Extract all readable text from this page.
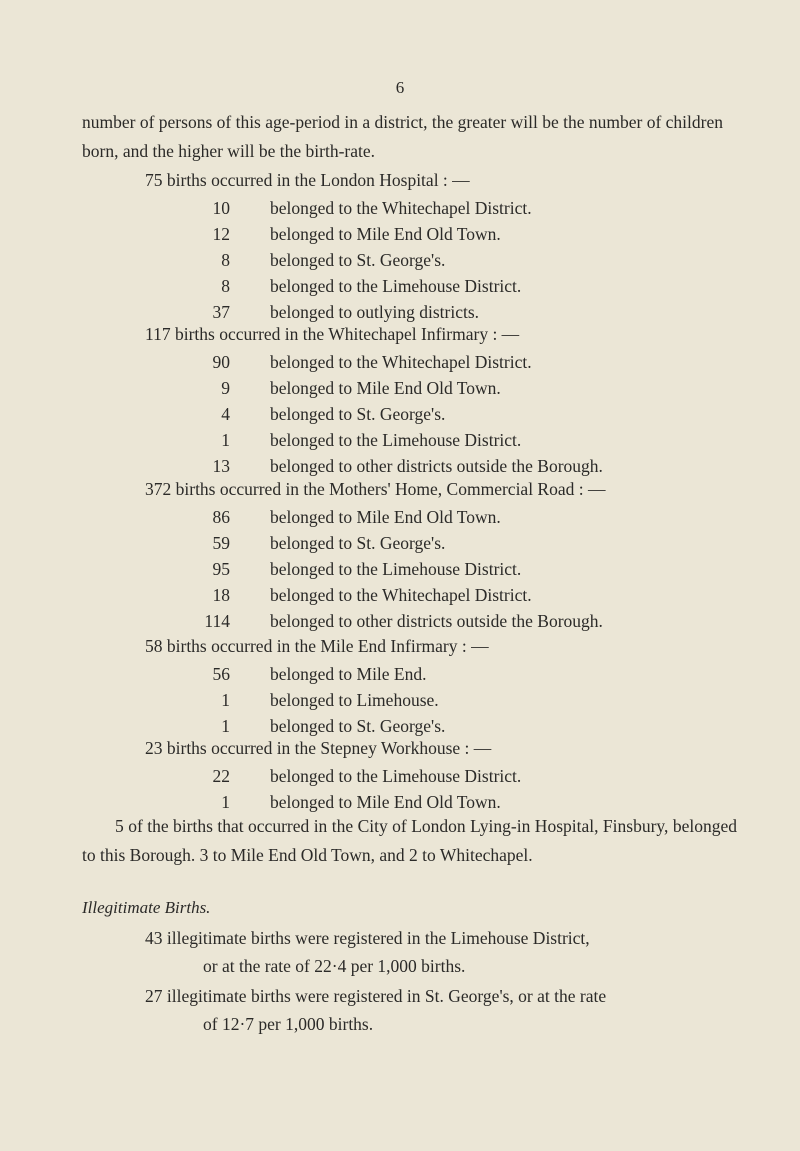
6
number of persons of this age-period in a district, the greater will be the number of children born, and the higher will be the birth-rate.
75 births occurred in the London Hospital : —
10 belonged to the Whitechapel District.
12 belonged to Mile End Old Town.
8 belonged to St. George's.
8 belonged to the Limehouse District.
37 belonged to outlying districts.
117 births occurred in the Whitechapel Infirmary : —
90 belonged to the Whitechapel District.
9 belonged to Mile End Old Town.
4 belonged to St. George's.
1 belonged to the Limehouse District.
13 belonged to other districts outside the Borough.
372 births occurred in the Mothers' Home, Commercial Road : —
86 belonged to Mile End Old Town.
59 belonged to St. George's.
95 belonged to the Limehouse District.
18 belonged to the Whitechapel District.
114 belonged to other districts outside the Borough.
58 births occurred in the Mile End Infirmary : —
56 belonged to Mile End.
1 belonged to Limehouse.
1 belonged to St. George's.
23 births occurred in the Stepney Workhouse : —
22 belonged to the Limehouse District.
1 belonged to Mile End Old Town.
5 of the births that occurred in the City of London Lying-in Hospital, Finsbury, belonged to this Borough. 3 to Mile End Old Town, and 2 to Whitechapel.
Illegitimate Births.
43 illegitimate births were registered in the Limehouse District,
or at the rate of 22·4 per 1,000 births.
27 illegitimate births were registered in St. George's, or at the rate
of 12·7 per 1,000 births.
